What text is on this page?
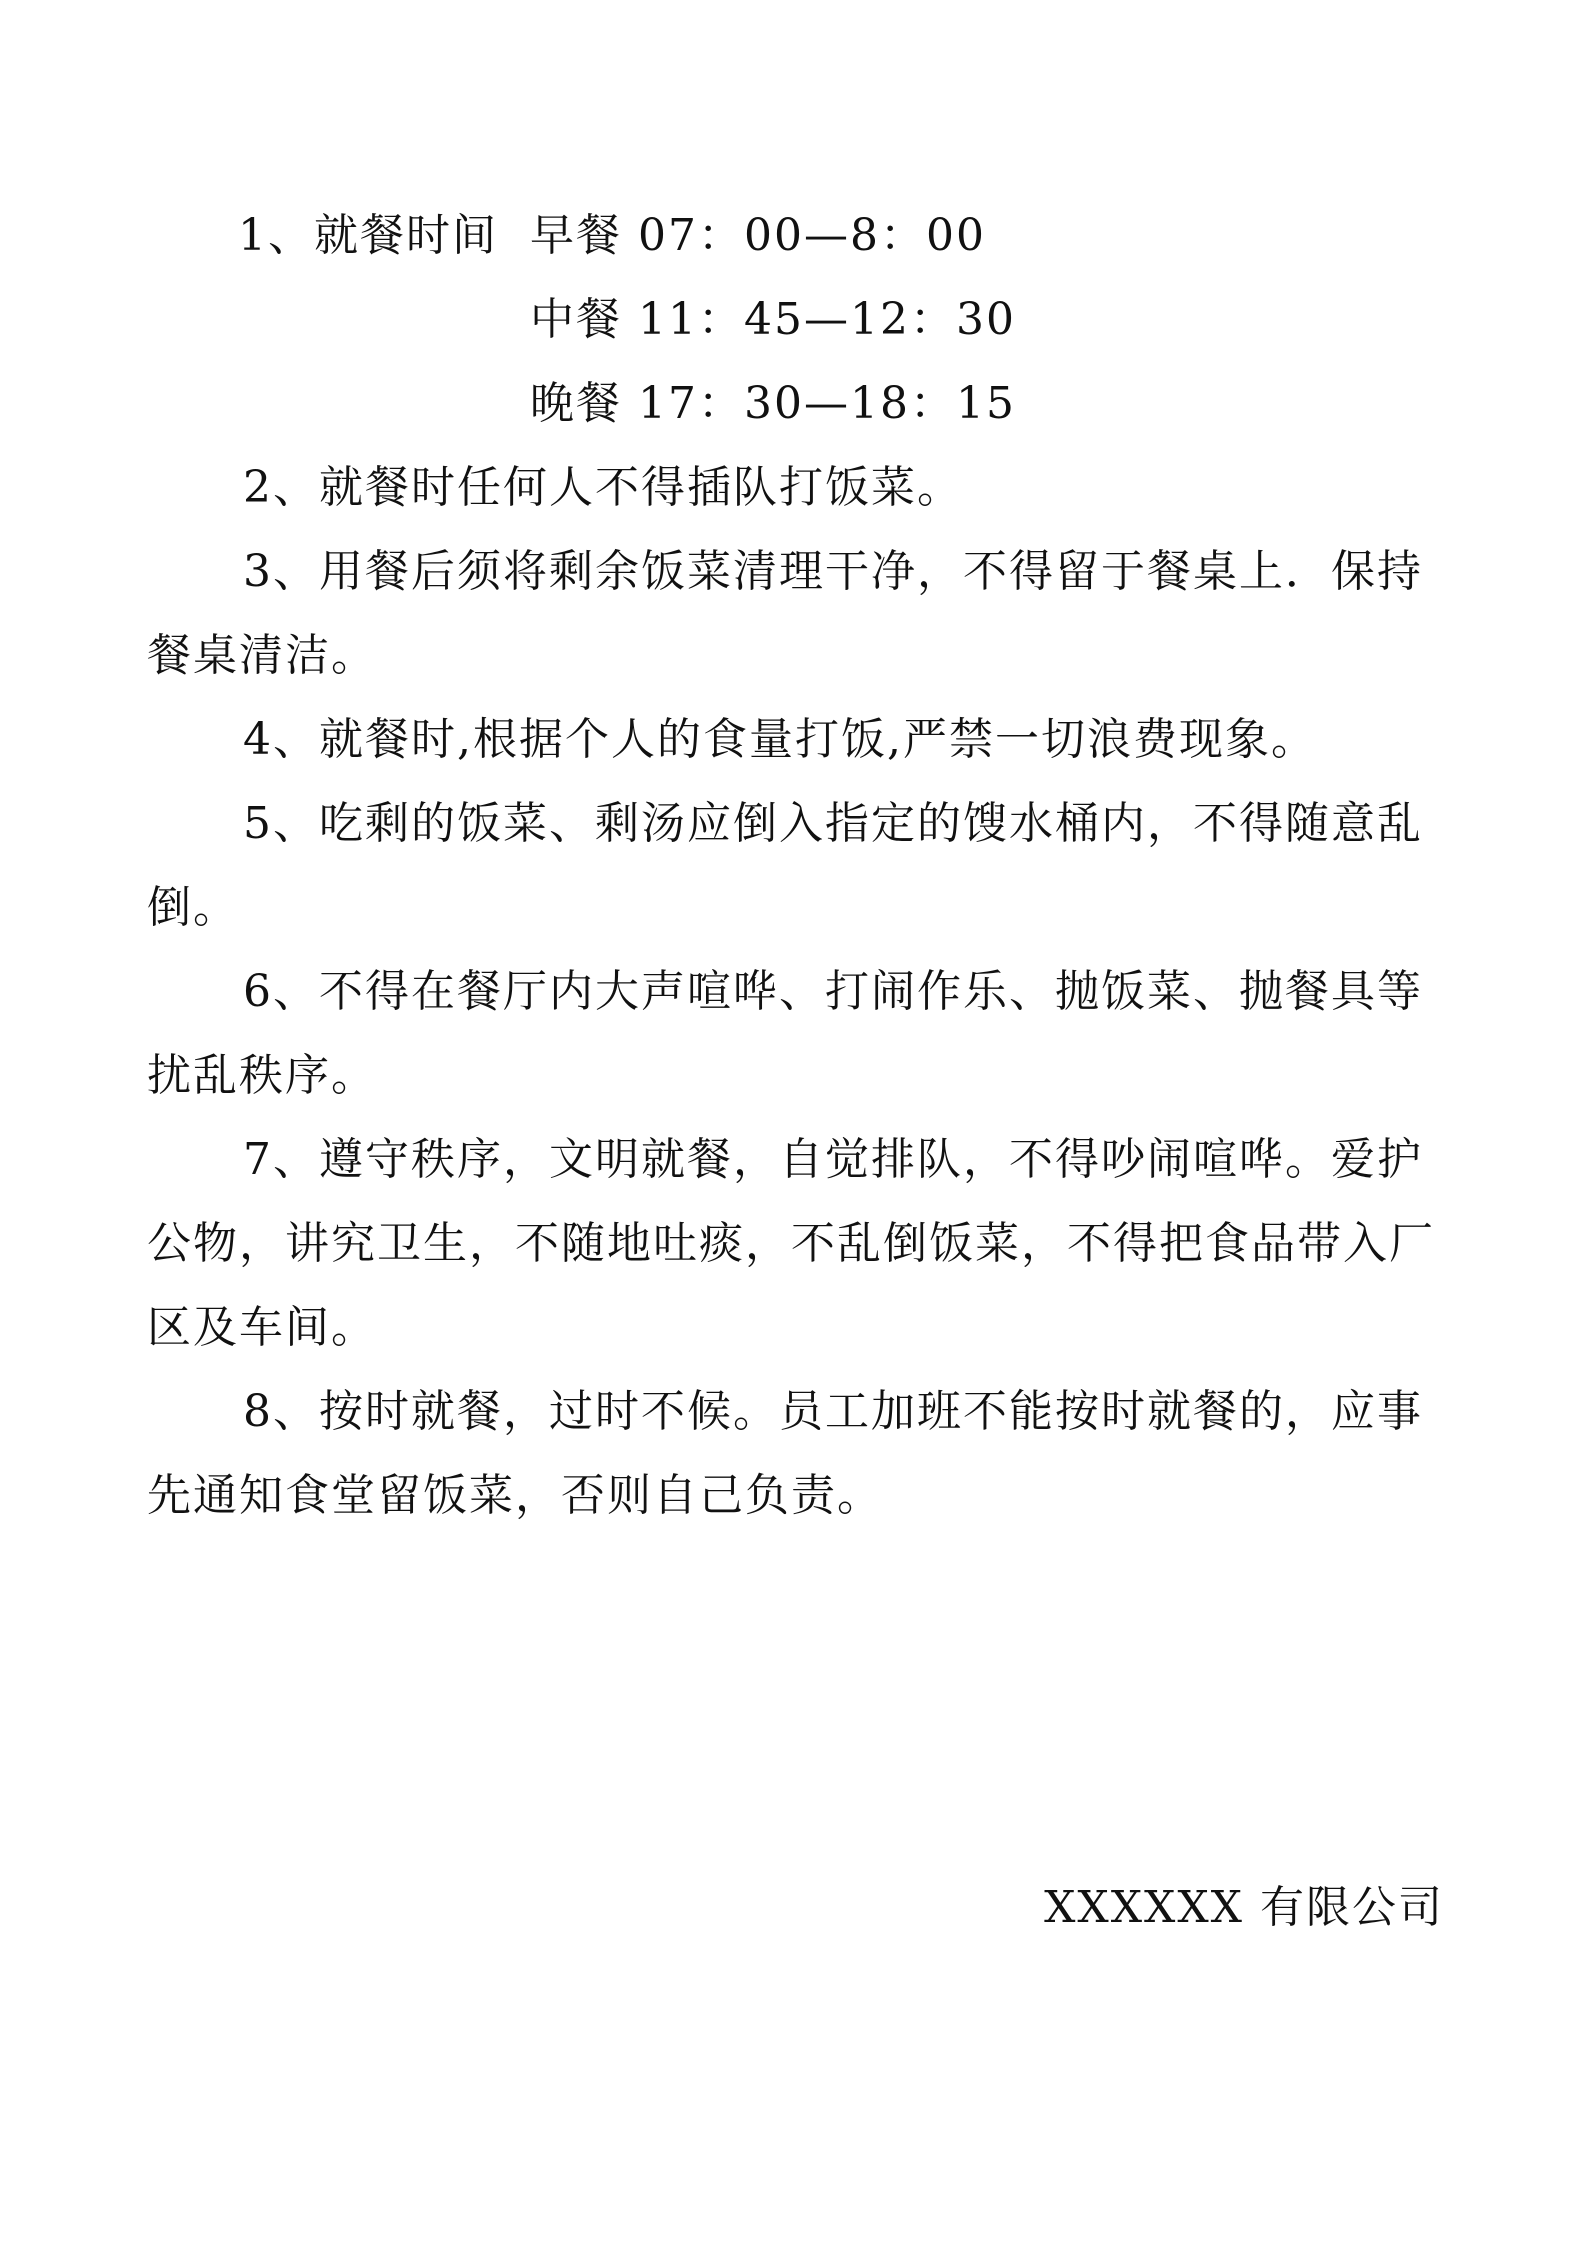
1、就餐时间 早餐 07：00—8：00
中餐 11：45—12：30
晚餐 17：30—18：15
2、就餐时任何人不得插队打饭菜。
3、用餐后须将剩余饭菜清理干净，不得留于餐桌上．保持餐桌清洁。
4、就餐时,根据个人的食量打饭,严禁一切浪费现象。
5、吃剩的饭菜、剩汤应倒入指定的馊水桶内，不得随意乱倒。
6、不得在餐厅内大声喧哗、打闹作乐、抛饭菜、抛餐具等扰乱秩序。
7、遵守秩序，文明就餐，自觉排队，不得吵闹喧哗。爱护公物，讲究卫生，不随地吐痰，不乱倒饭菜，不得把食品带入厂区及车间。
8、按时就餐，过时不候。员工加班不能按时就餐的，应事先通知食堂留饭菜，否则自己负责。
XXXXXX 有限公司
